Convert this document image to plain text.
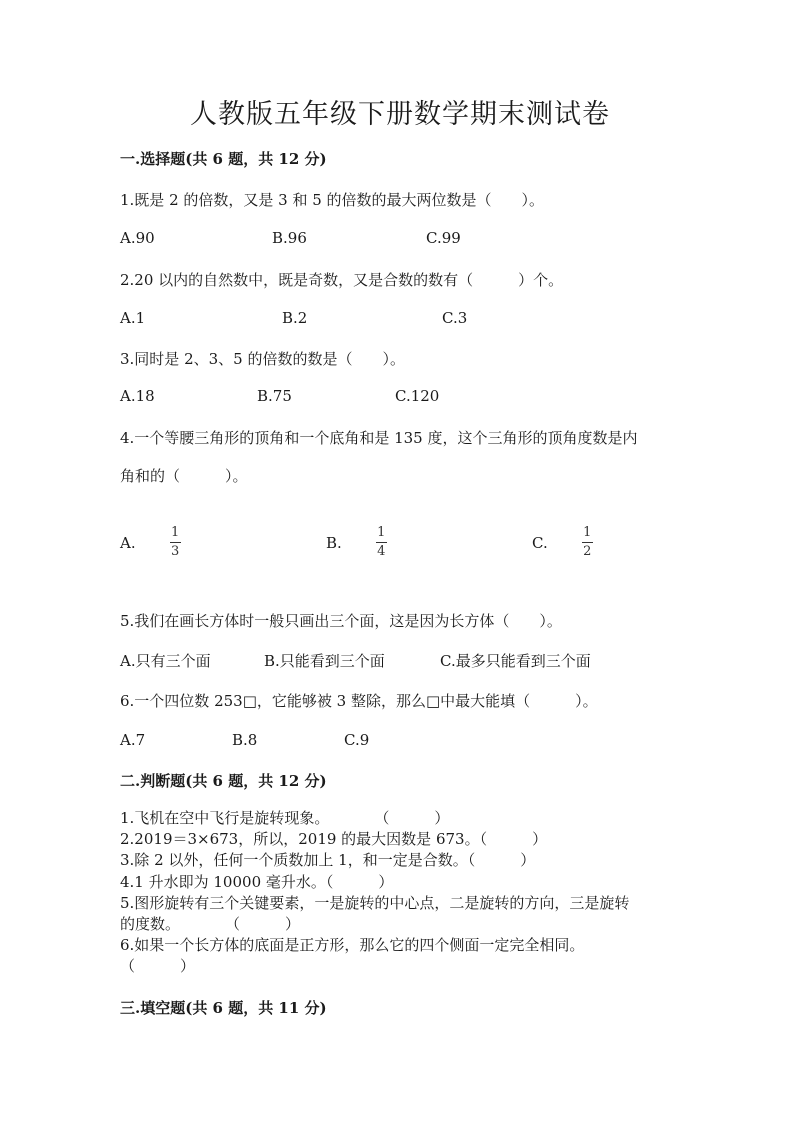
人教版五年级下册数学期末测试卷
一.选择题(共 6 题，共 12 分)
1.既是 2 的倍数，又是 3 和 5 的倍数的最大两位数是（　　）。
A.90	B.96	C.99
2.20 以内的自然数中，既是奇数，又是合数的数有（　　　）个。
A.1	B.2	C.3
3.同时是 2、3、5 的倍数的数是（　　）。
A.18	B.75	C.120
4.一个等腰三角形的顶角和一个底角和是 135 度，这个三角形的顶角度数是内
角和的（　　　）。
A.	$\frac{1}{3}$	B.	$\frac{1}{4}$	C.	$\frac{1}{2}$
5.我们在画长方体时一般只画出三个面，这是因为长方体（　　）。
A.只有三个面	B.只能看到三个面	C.最多只能看到三个面
6.一个四位数 253□，它能够被 3 整除，那么□中最大能填（　　　）。
A.7	B.8	C.9
二.判断题(共 6 题，共 12 分)
1.飞机在空中飞行是旋转现象。　　　　（　　　）
2.2019＝3×673，所以，2019 的最大因数是 673。（　　　）
3.除 2 以外，任何一个质数加上 1，和一定是合数。（　　　）
4.1 升水即为 10000 毫升水。（　　　）
5.图形旋转有三个关键要素，一是旋转的中心点，二是旋转的方向，三是旋转
的度数。　　　　（　　　）
6.如果一个长方体的底面是正方形，那么它的四个侧面一定完全相同。
（　　　）
三.填空题(共 6 题，共 11 分)
